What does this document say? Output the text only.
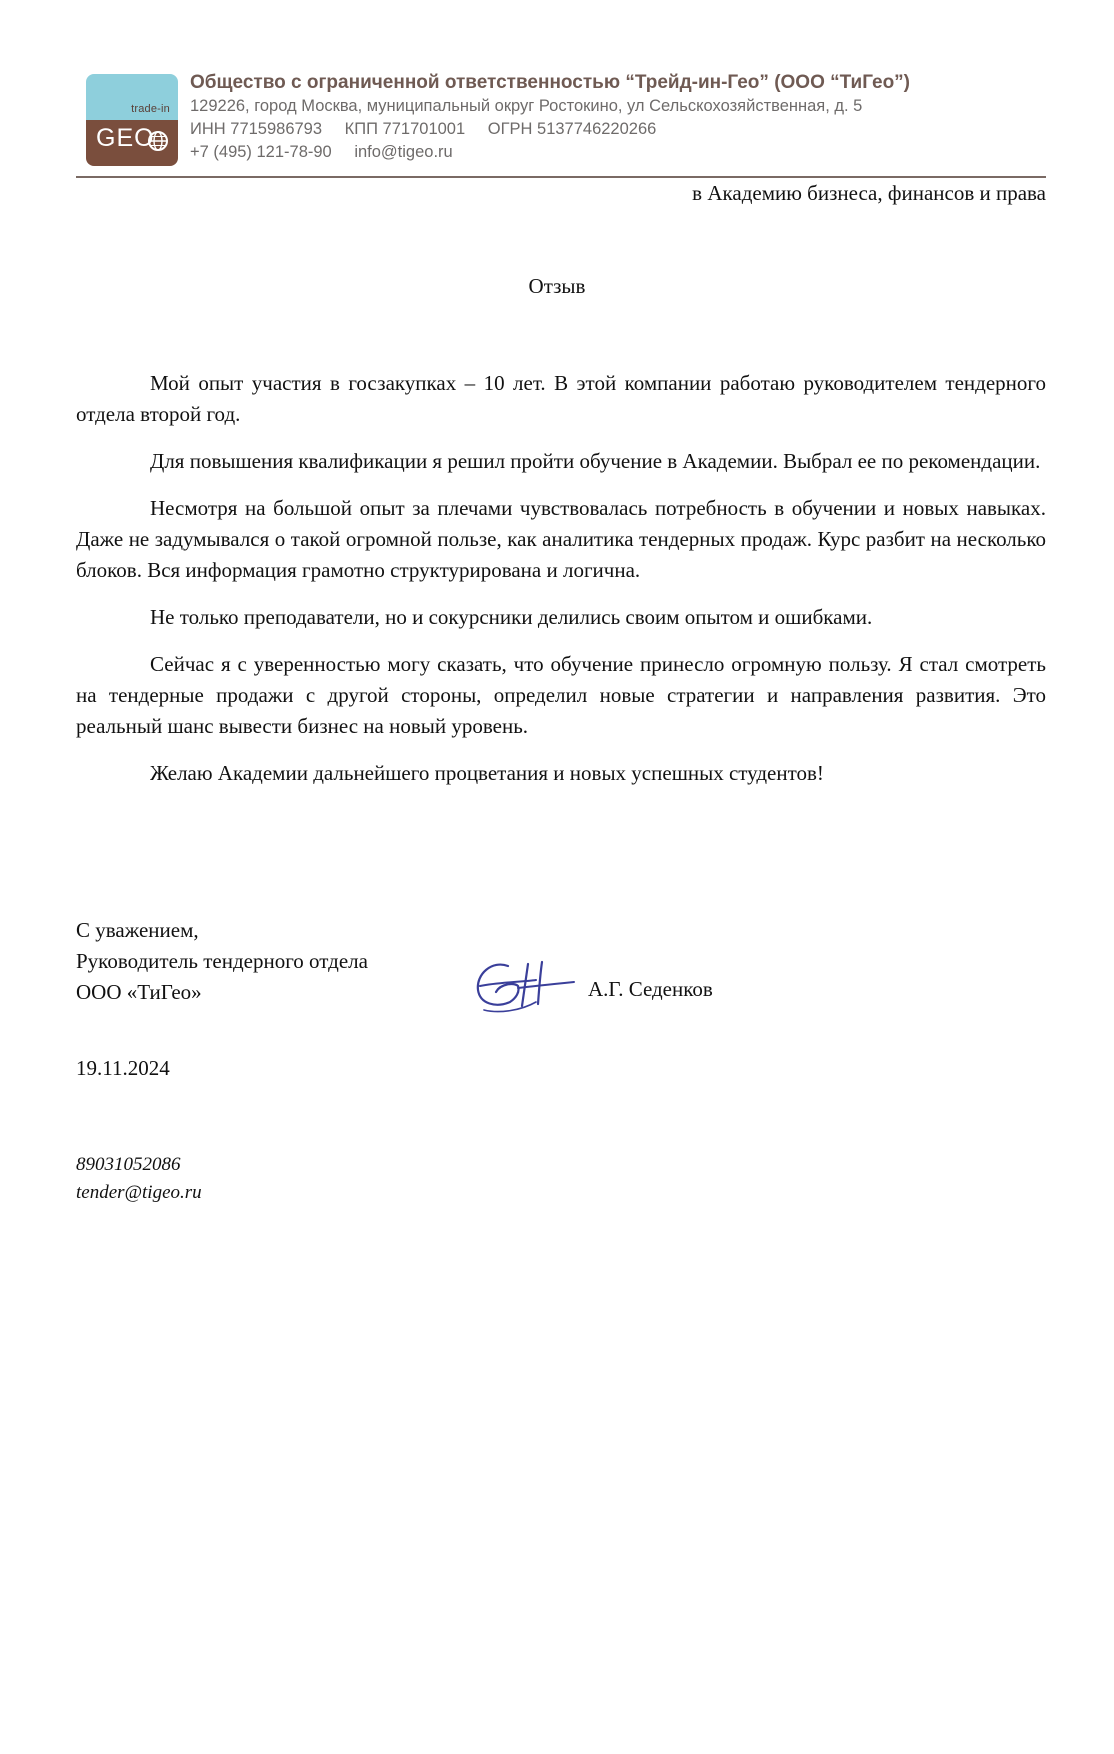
trade-in
GEO
Общество с ограниченной ответственностью “Трейд-ин-Гео” (ООО “ТиГео”)
129226, город Москва, муниципальный округ Ростокино, ул Сельскохозяйственная, д. 5
ИНН 7715986793 КПП 771701001 ОГРН 5137746220266
+7 (495) 121-78-90 info@tigeo.ru
в Академию бизнеса, финансов и права
Отзыв

Мой опыт участия в госзакупках – 10 лет. В этой компании работаю руководителем тендерного отдела второй год.

Для повышения квалификации я решил пройти обучение в Академии. Выбрал ее по рекомендации.

Несмотря на большой опыт за плечами чувствовалась потребность в обучении и новых навыках. Даже не задумывался о такой огромной пользе, как аналитика тендерных продаж. Курс разбит на несколько блоков. Вся информация грамотно структурирована и логична.

Не только преподаватели, но и сокурсники делились своим опытом и ошибками.

Сейчас я с уверенностью могу сказать, что обучение принесло огромную пользу. Я стал смотреть на тендерные продажи с другой стороны, определил новые стратегии и направления развития. Это реальный шанс вывести бизнес на новый уровень.

Желаю Академии дальнейшего процветания и новых успешных студентов!

С уважением,
Руководитель тендерного отдела
ООО «ТиГео»	А.Г. Седенков
19.11.2024
89031052086
tender@tigeo.ru
